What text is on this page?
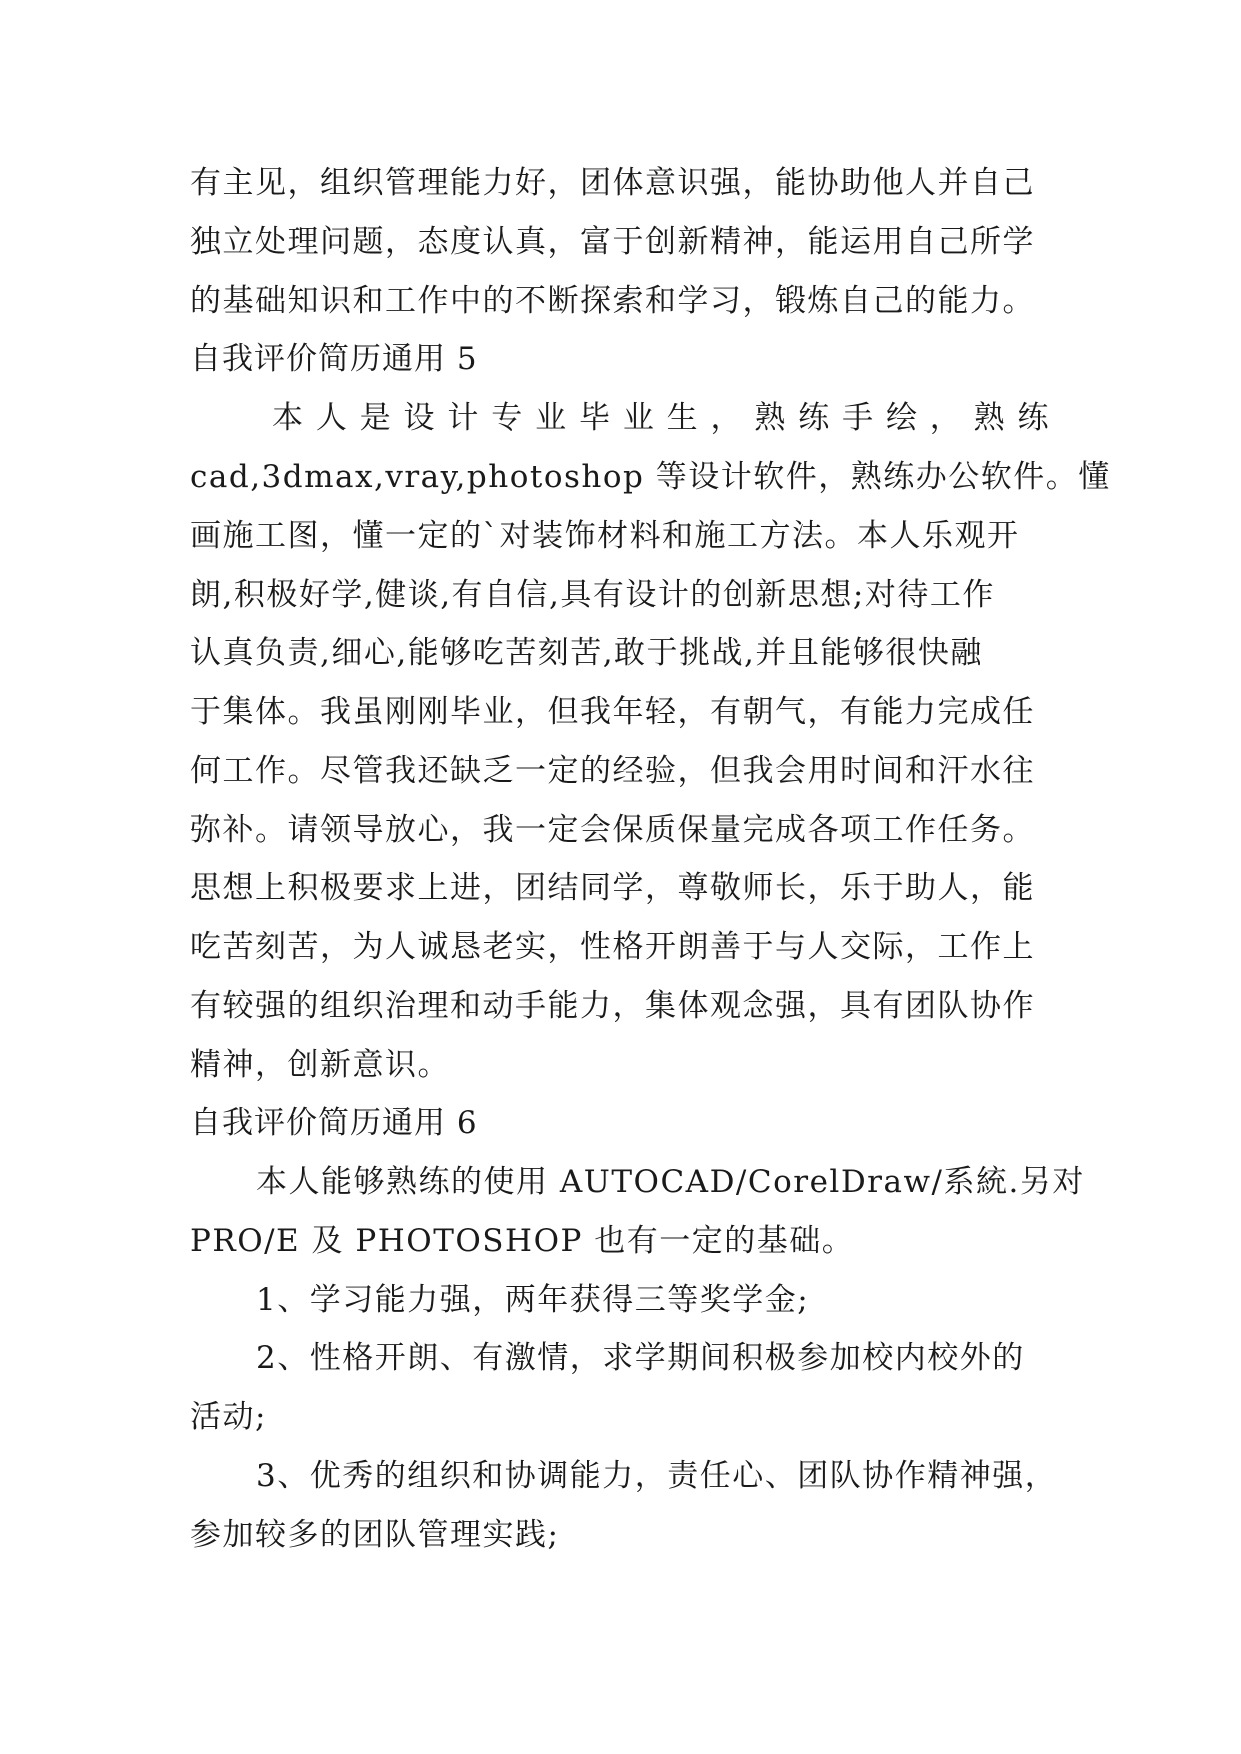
有主见，组织管理能力好，团体意识强，能协助他人并自己
独立处理问题，态度认真，富于创新精神，能运用自己所学
的基础知识和工作中的不断探索和学习，锻炼自己的能力。
自我评价简历通用 5
本 人 是 设 计 专 业 毕 业 生 ， 熟 练 手 绘 ， 熟 练
cad,3dmax,vray,photoshop 等设计软件，熟练办公软件。懂
画施工图，懂一定的`对装饰材料和施工方法。本人乐观开
朗,积极好学,健谈,有自信,具有设计的创新思想;对待工作
认真负责,细心,能够吃苦刻苦,敢于挑战,并且能够很快融
于集体。我虽刚刚毕业，但我年轻，有朝气，有能力完成任
何工作。尽管我还缺乏一定的经验，但我会用时间和汗水往
弥补。请领导放心，我一定会保质保量完成各项工作任务。
思想上积极要求上进，团结同学，尊敬师长，乐于助人，能
吃苦刻苦，为人诚恳老实，性格开朗善于与人交际，工作上
有较强的组织治理和动手能力，集体观念强，具有团队协作
精神，创新意识。
自我评价简历通用 6
本人能够熟练的使用 AUTOCAD/CorelDraw/系統.另对
PRO/E 及 PHOTOSHOP 也有一定的基础。
1、学习能力强，两年获得三等奖学金;
2、性格开朗、有激情，求学期间积极参加校内校外的
活动;
3、优秀的组织和协调能力，责任心、团队协作精神强，
参加较多的团队管理实践;
